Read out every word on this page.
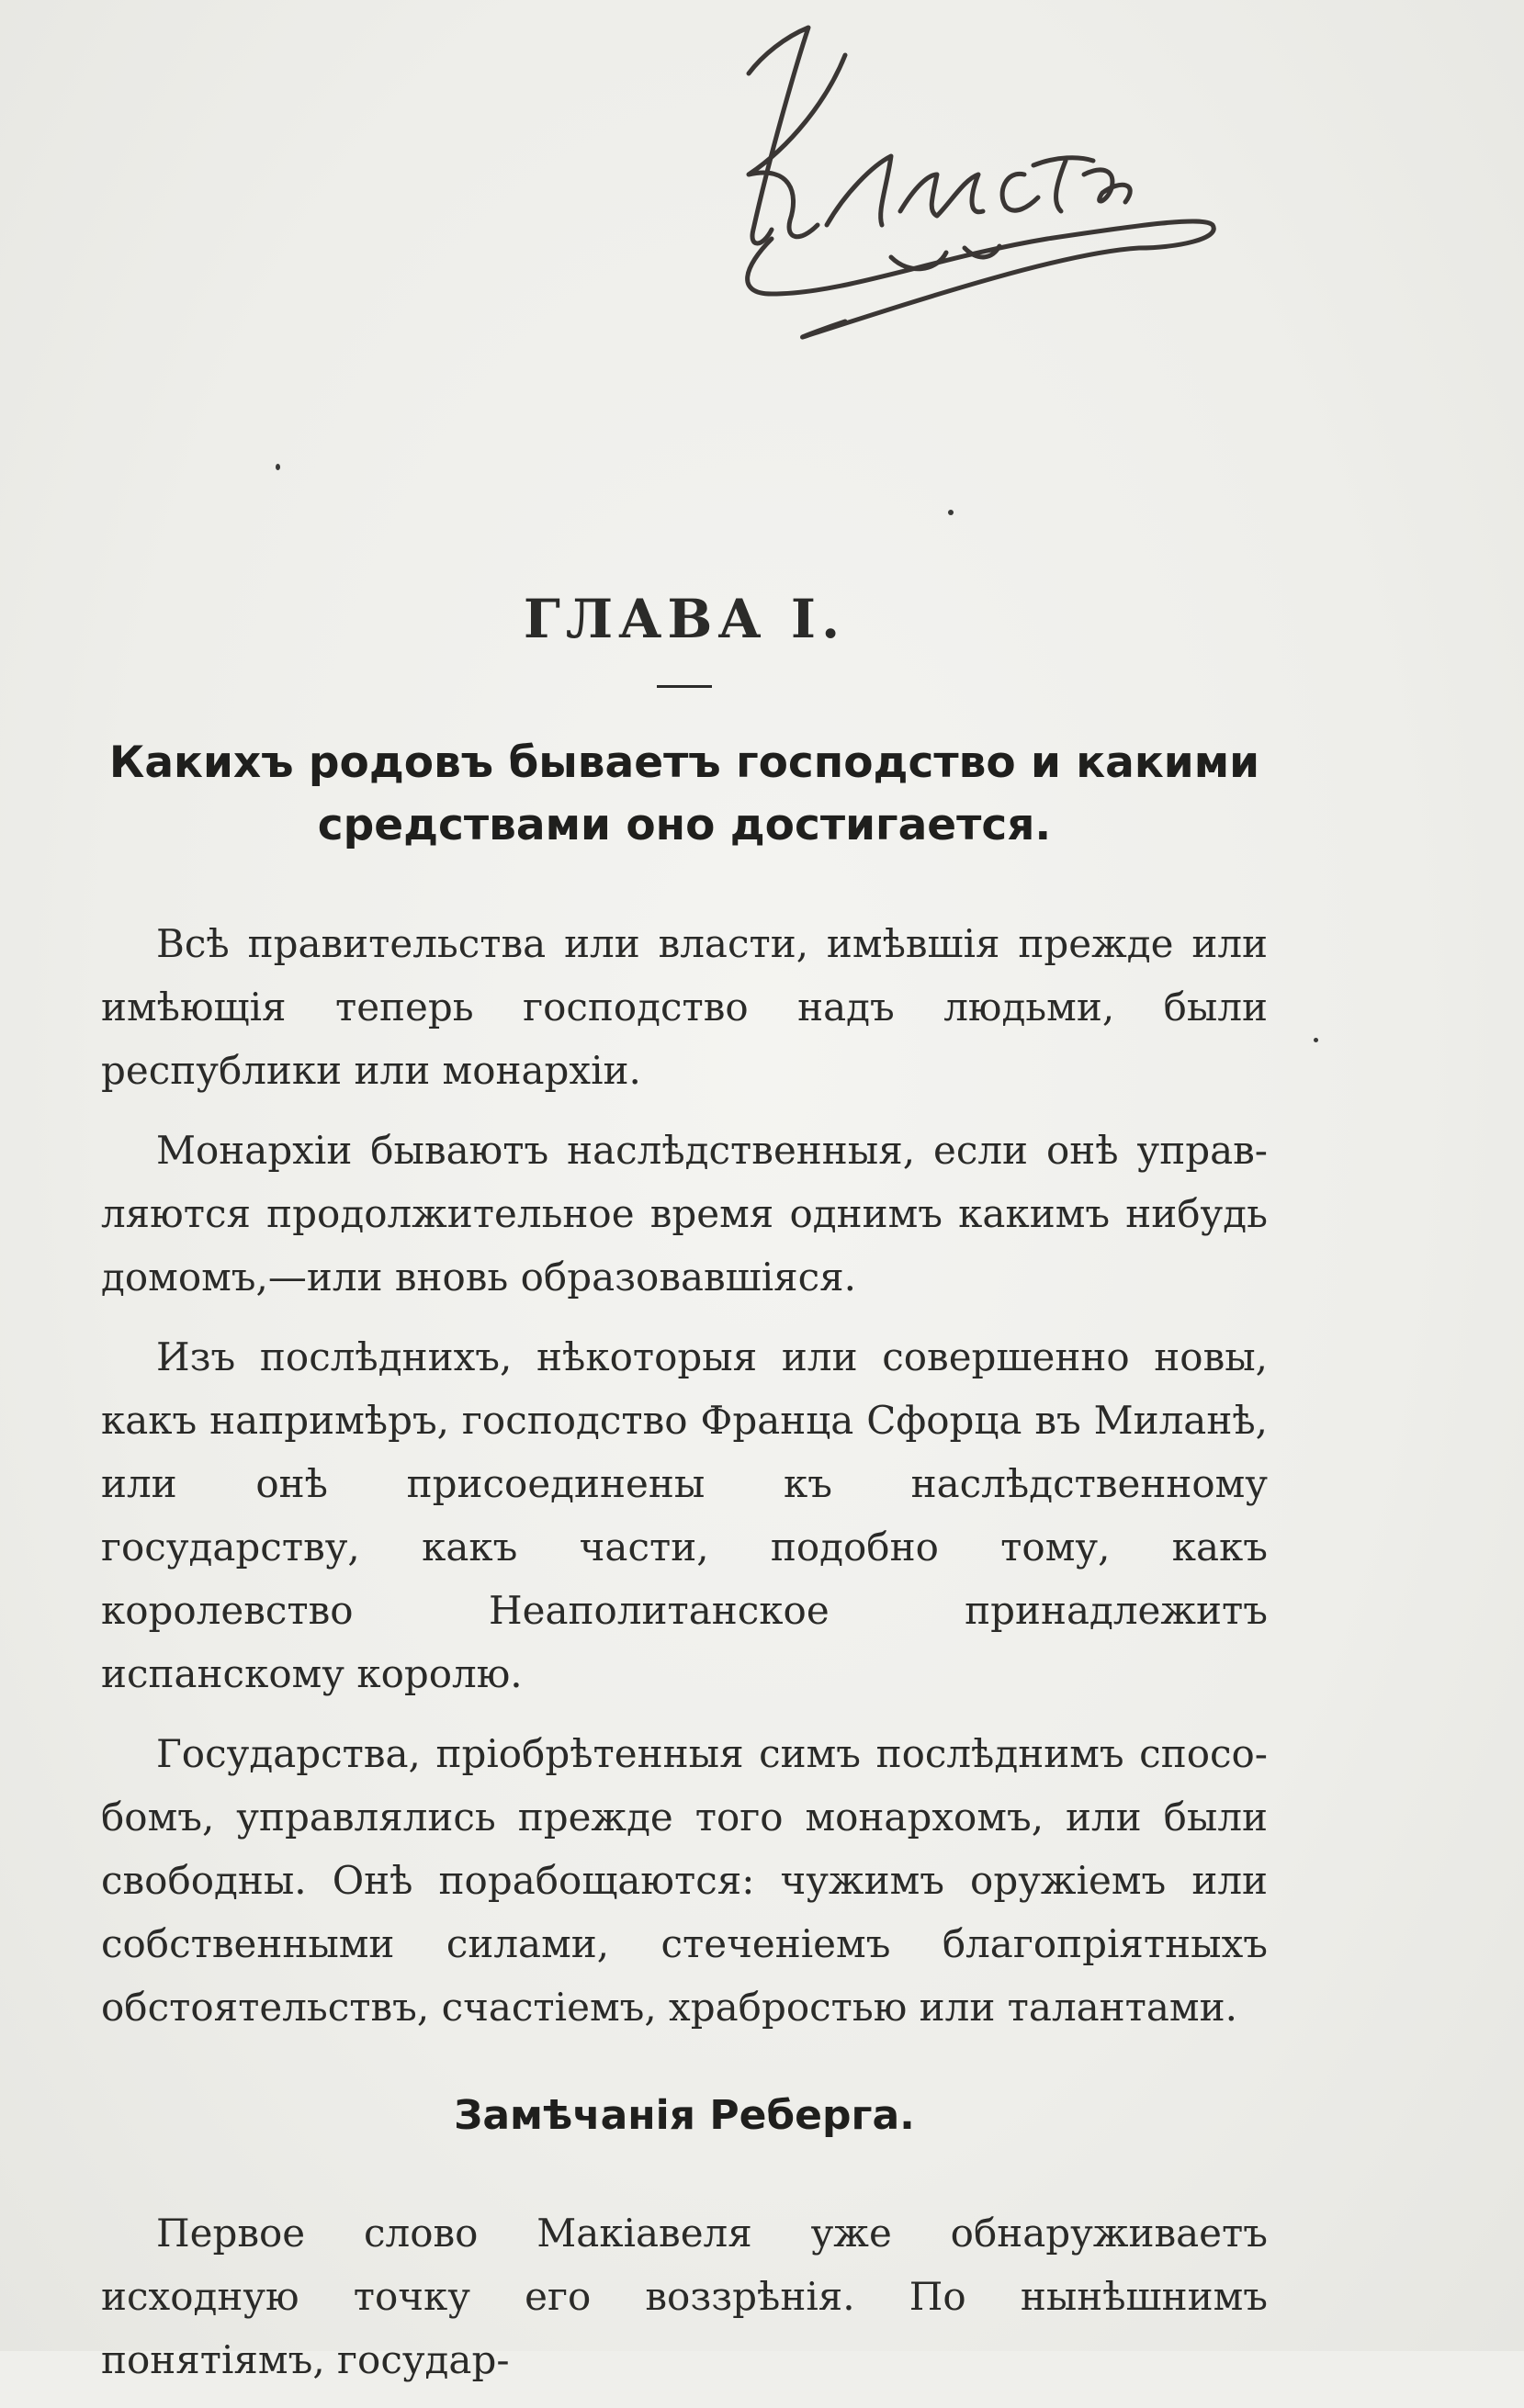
ГЛАВА I.
Какихъ родовъ бываетъ господство и какими средствами оно достигается.

Всѣ правительства или власти, имѣвшія прежде или имѣющія теперь господство надъ людьми, были республики или монархіи.

Монархіи бываютъ наслѣдственныя, если онѣ управляются продолжительное время однимъ какимъ нибудь домомъ,—или вновь образовавшіяся.

Изъ послѣднихъ, нѣкоторыя или совершенно новы, какъ напримѣръ, господство Франца Сфорца въ Миланѣ, или онѣ присоединены къ наслѣдственному государству, какъ части, подобно тому, какъ королевство Неаполитанское принадлежитъ испанскому королю.

Государства, пріобрѣтенныя симъ послѣднимъ способомъ, управлялись прежде того монархомъ, или были свободны. Онѣ порабощаются: чужимъ оружіемъ или собственными силами, стеченіемъ благопріятныхъ обстоятельствъ, счастіемъ, храбростью или талантами.

Замѣчанія Реберга.

Первое слово Макіавеля уже обнаруживаетъ исходную точку его воззрѣнія. По нынѣшнимъ понятіямъ, государ-
